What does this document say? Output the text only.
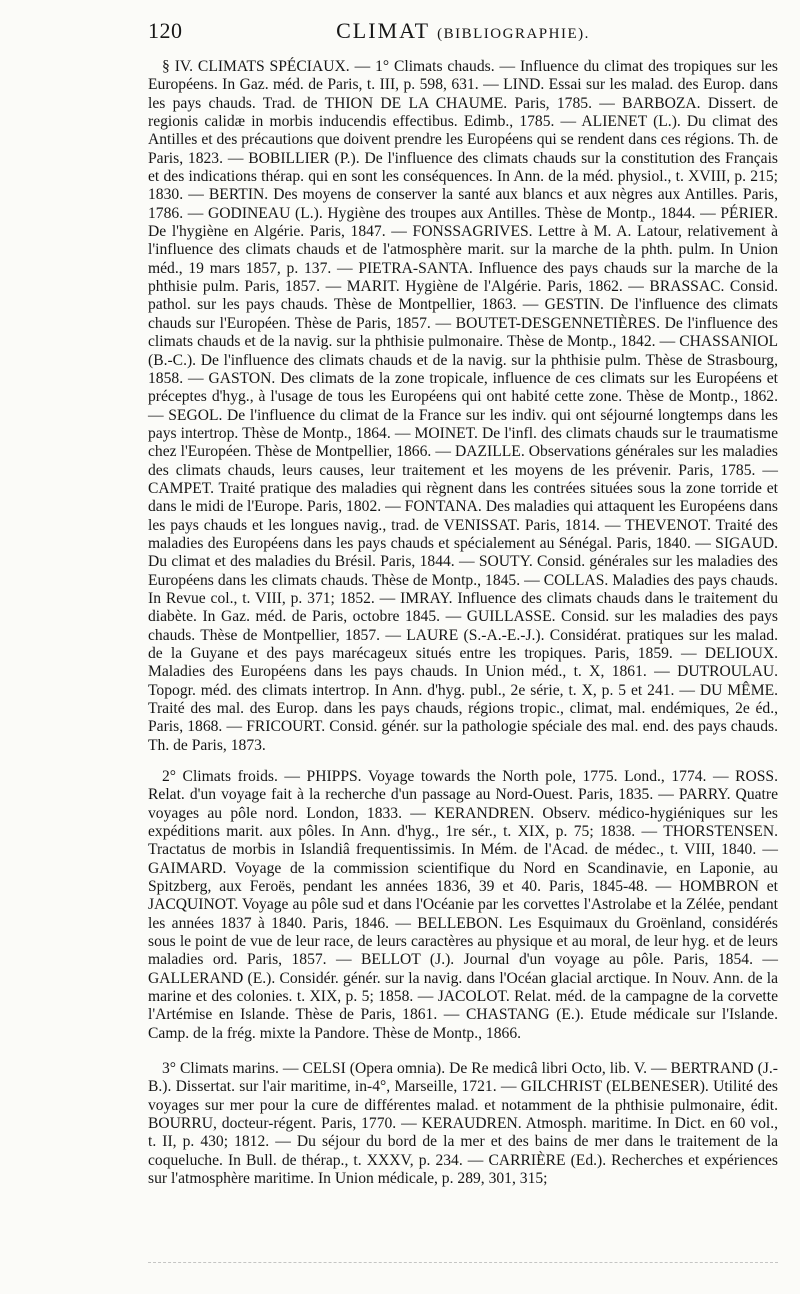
120	CLIMAT (BIBLIOGRAPHIE).

§ IV. CLIMATS SPÉCIAUX. — 1° Climats chauds. — Influence du climat des tropiques sur les Européens. In Gaz. méd. de Paris, t. III, p. 598, 631. — LIND. Essai sur les malad. des Europ. dans les pays chauds. Trad. de THION DE LA CHAUME. Paris, 1785. — BARBOZA. Dissert. de regionis calidæ in morbis inducendis effectibus. Edimb., 1785. — ALIENET (L.). Du climat des Antilles et des précautions que doivent prendre les Européens qui se rendent dans ces régions. Th. de Paris, 1823. — BOBILLIER (P.). De l'influence des climats chauds sur la constitution des Français et des indications thérap. qui en sont les conséquences. In Ann. de la méd. physiol., t. XVIII, p. 215; 1830. — BERTIN. Des moyens de conserver la santé aux blancs et aux nègres aux Antilles. Paris, 1786. — GODINEAU (L.). Hygiène des troupes aux Antilles. Thèse de Montp., 1844. — PÉRIER. De l'hygiène en Algérie. Paris, 1847. — FONSSAGRIVES. Lettre à M. A. Latour, relativement à l'influence des climats chauds et de l'atmosphère marit. sur la marche de la phth. pulm. In Union méd., 19 mars 1857, p. 137. — PIETRA-SANTA. Influence des pays chauds sur la marche de la phthisie pulm. Paris, 1857. — MARIT. Hygiène de l'Algérie. Paris, 1862. — BRASSAC. Consid. pathol. sur les pays chauds. Thèse de Montpellier, 1863. — GESTIN. De l'influence des climats chauds sur l'Européen. Thèse de Paris, 1857. — BOUTET-DESGENNETIÈRES. De l'influence des climats chauds et de la navig. sur la phthisie pulmonaire. Thèse de Montp., 1842. — CHASSANIOL (B.-C.). De l'influence des climats chauds et de la navig. sur la phthisie pulm. Thèse de Strasbourg, 1858. — GASTON. Des climats de la zone tropicale, influence de ces climats sur les Européens et préceptes d'hyg., à l'usage de tous les Européens qui ont habité cette zone. Thèse de Montp., 1862. — SEGOL. De l'influence du climat de la France sur les indiv. qui ont séjourné longtemps dans les pays intertrop. Thèse de Montp., 1864. — MOINET. De l'infl. des climats chauds sur le traumatisme chez l'Européen. Thèse de Montpellier, 1866. — DAZILLE. Observations générales sur les maladies des climats chauds, leurs causes, leur traitement et les moyens de les prévenir. Paris, 1785. — CAMPET. Traité pratique des maladies qui règnent dans les contrées situées sous la zone torride et dans le midi de l'Europe. Paris, 1802. — FONTANA. Des maladies qui attaquent les Européens dans les pays chauds et les longues navig., trad. de VENISSAT. Paris, 1814. — THEVENOT. Traité des maladies des Européens dans les pays chauds et spécialement au Sénégal. Paris, 1840. — SIGAUD. Du climat et des maladies du Brésil. Paris, 1844. — SOUTY. Consid. générales sur les maladies des Européens dans les climats chauds. Thèse de Montp., 1845. — COLLAS. Maladies des pays chauds. In Revue col., t. VIII, p. 371; 1852. — IMRAY. Influence des climats chauds dans le traitement du diabète. In Gaz. méd. de Paris, octobre 1845. — GUILLASSE. Consid. sur les maladies des pays chauds. Thèse de Montpellier, 1857. — LAURE (S.-A.-E.-J.). Considérat. pratiques sur les malad. de la Guyane et des pays marécageux situés entre les tropiques. Paris, 1859. — DELIOUX. Maladies des Européens dans les pays chauds. In Union méd., t. X, 1861. — DUTROULAU. Topogr. méd. des climats intertrop. In Ann. d'hyg. publ., 2e série, t. X, p. 5 et 241. — DU MÊME. Traité des mal. des Europ. dans les pays chauds, régions tropic., climat, mal. endémiques, 2e éd., Paris, 1868. — FRICOURT. Consid. génér. sur la pathologie spéciale des mal. end. des pays chauds. Th. de Paris, 1873.

2° Climats froids. — PHIPPS. Voyage towards the North pole, 1775. Lond., 1774. — ROSS. Relat. d'un voyage fait à la recherche d'un passage au Nord-Ouest. Paris, 1835. — PARRY. Quatre voyages au pôle nord. London, 1833. — KERANDREN. Observ. médico-hygiéniques sur les expéditions marit. aux pôles. In Ann. d'hyg., 1re sér., t. XIX, p. 75; 1838. — THORSTENSEN. Tractatus de morbis in Islandiâ frequentissimis. In Mém. de l'Acad. de médec., t. VIII, 1840. — GAIMARD. Voyage de la commission scientifique du Nord en Scandinavie, en Laponie, au Spitzberg, aux Feroës, pendant les années 1836, 39 et 40. Paris, 1845-48. — HOMBRON et JACQUINOT. Voyage au pôle sud et dans l'Océanie par les corvettes l'Astrolabe et la Zélée, pendant les années 1837 à 1840. Paris, 1846. — BELLEBON. Les Esquimaux du Groënland, considérés sous le point de vue de leur race, de leurs caractères au physique et au moral, de leur hyg. et de leurs maladies ord. Paris, 1857. — BELLOT (J.). Journal d'un voyage au pôle. Paris, 1854. — GALLERAND (E.). Considér. génér. sur la navig. dans l'Océan glacial arctique. In Nouv. Ann. de la marine et des colonies. t. XIX, p. 5; 1858. — JACOLOT. Relat. méd. de la campagne de la corvette l'Artémise en Islande. Thèse de Paris, 1861. — CHASTANG (E.). Etude médicale sur l'Islande. Camp. de la frég. mixte la Pandore. Thèse de Montp., 1866.

3° Climats marins. — CELSI (Opera omnia). De Re medicâ libri Octo, lib. V. — BERTRAND (J.-B.). Dissertat. sur l'air maritime, in-4°, Marseille, 1721. — GILCHRIST (ELBENESER). Utilité des voyages sur mer pour la cure de différentes malad. et notamment de la phthisie pulmonaire, édit. BOURRU, docteur-régent. Paris, 1770. — KERAUDREN. Atmosph. maritime. In Dict. en 60 vol., t. II, p. 430; 1812. — Du séjour du bord de la mer et des bains de mer dans le traitement de la coqueluche. In Bull. de thérap., t. XXXV, p. 234. — CARRIÈRE (Ed.). Recherches et expériences sur l'atmosphère maritime. In Union médicale, p. 289, 301, 315;
